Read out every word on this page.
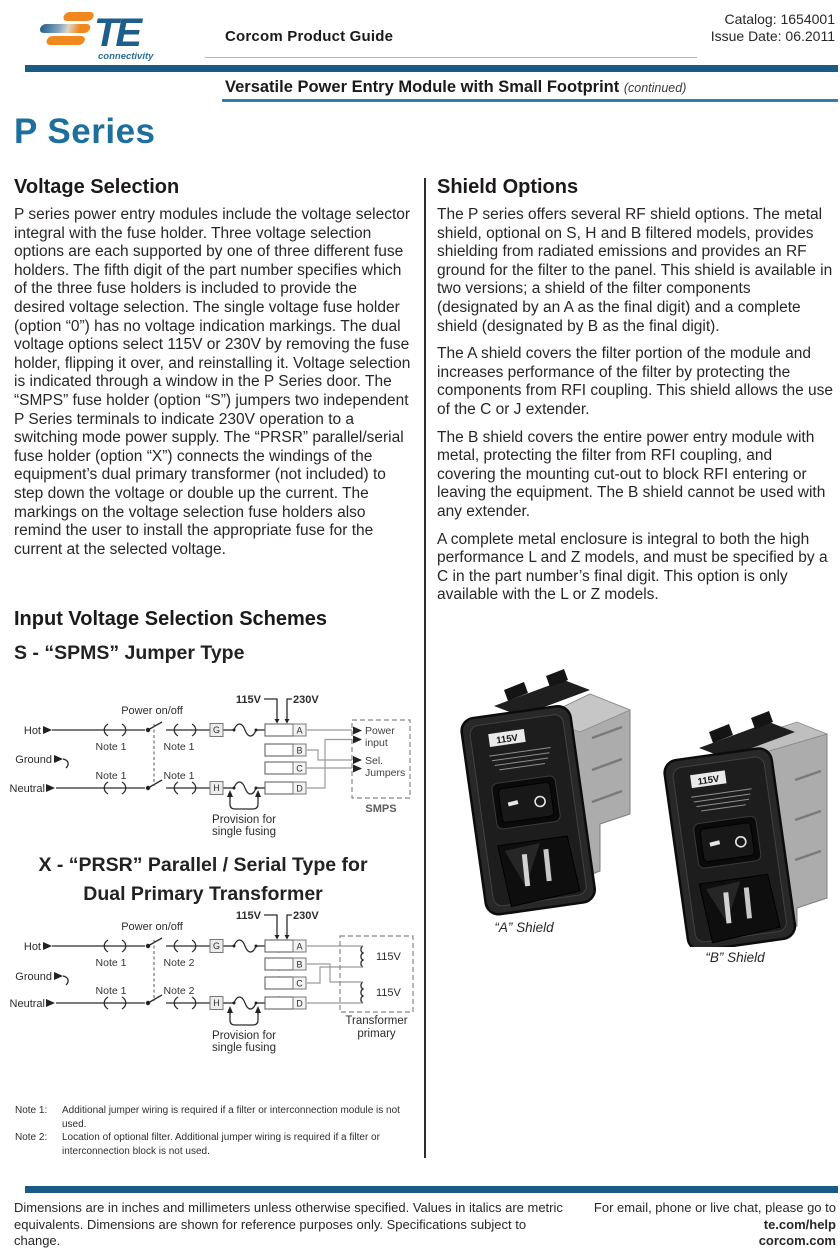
TE
connectivity
Corcom Product Guide
Catalog: 1654001
Issue Date: 06.2011
Versatile Power Entry Module with Small Footprint (continued)
P Series
Voltage Selection
P series power entry modules include the voltage selector integral with the fuse holder. Three voltage selection options are each supported by one of three different fuse holders. The fifth digit of the part number specifies which of the three fuse holders is included to provide the desired voltage selection. The single voltage fuse holder (option “0”) has no voltage indication markings. The dual voltage options select 115V or 230V by removing the fuse holder, flipping it over, and reinstalling it. Voltage selection is indicated through a window in the P Series door. The “SMPS” fuse holder (option “S”) jumpers two independent P Series terminals to indicate 230V operation to a switching mode power supply. The “PRSR” parallel/serial fuse holder (option “X”) connects the windings of the equipment’s dual primary transformer (not included) to step down the voltage or double up the current. The markings on the voltage selection fuse holders also remind the user to install the appropriate fuse for the current at the selected voltage.
Input Voltage Selection Schemes
S - “SPMS” Jumper Type
Hot
Ground
Neutral
Power on/off
115V	230V
Note 1	Note 1
Note 1	Note 1
G
H
A
B
C
D
Power
input
Sel.
Jumpers
SMPS
Provision for
single fusing
X - “PRSR” Parallel / Serial Type for
Dual Primary Transformer
Hot
Ground
Neutral
Power on/off
115V	230V
Note 1	Note 2
Note 1	Note 2
G
H
A
B
C
D
115V
115V
Transformer
primary
Provision for
single fusing
Note 1:	Additional jumper wiring is required if a filter or interconnection module is not used.
Note 2:	Location of optional filter. Additional jumper wiring is required if a filter or interconnection block is not used.
Shield Options

The P series offers several RF shield options. The metal shield, optional on S, H and B filtered models, provides shielding from radiated emissions and provides an RF ground for the filter to the panel. This shield is available in two versions; a shield of the filter components (designated by an A as the final digit) and a complete shield (designated by B as the final digit).

The A shield covers the filter portion of the module and increases performance of the filter by protecting the components from RFI coupling. This shield allows the use of the C or J extender.

The B shield covers the entire power entry module with metal, protecting the filter from RFI coupling, and covering the mounting cut-out to block RFI entering or leaving the equipment. The B shield cannot be used with any extender.

A complete metal enclosure is integral to both the high performance L and Z models, and must be specified by a C in the part number’s final digit. This option is only available with the L or Z models.

115V
“A” Shield
115V
“B” Shield
Dimensions are in inches and millimeters unless otherwise specified. Values in italics are metric equivalents. Dimensions are shown for reference purposes only. Specifications subject to change.
For email, phone or live chat, please go to
te.com/help
corcom.com
